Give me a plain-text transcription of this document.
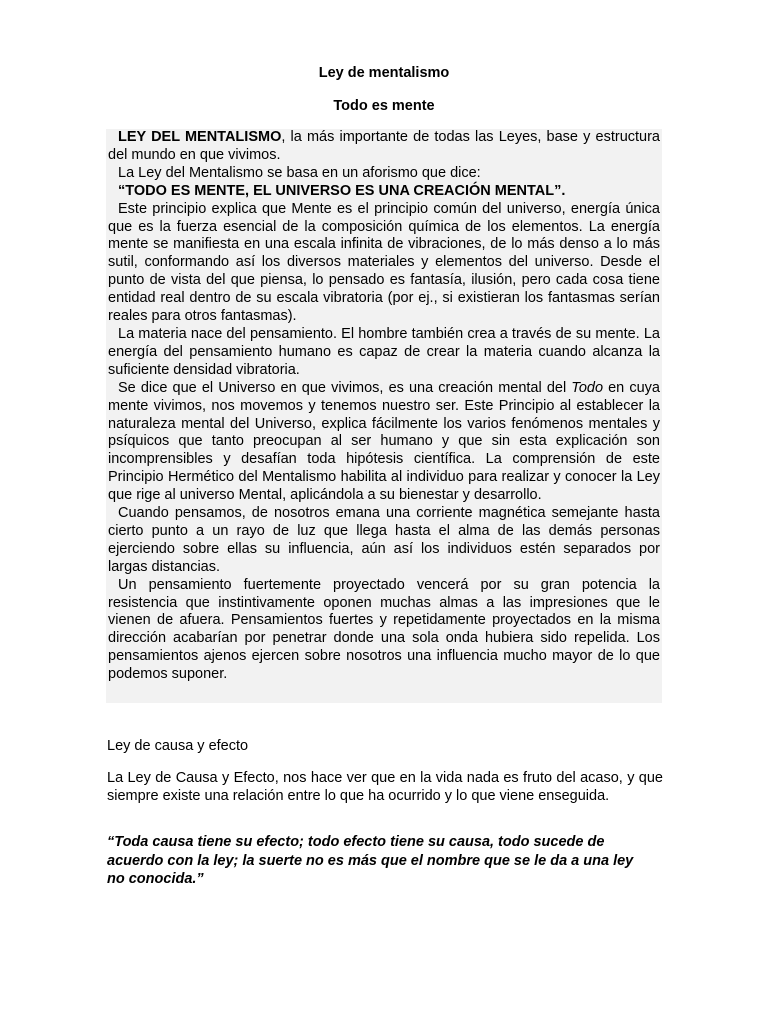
Ley de mentalismo
Todo es mente

LEY DEL MENTALISMO, la más importante de todas las Leyes, base y estructura del mundo en que vivimos.

La Ley del Mentalismo se basa en un aforismo que dice:

“TODO ES MENTE, EL UNIVERSO ES UNA CREACIÓN MENTAL”.

Este principio explica que Mente es el principio común del universo, energía única que es la fuerza esencial de la composición química de los elementos. La energía mente se manifiesta en una escala infinita de vibraciones, de lo más denso a lo más sutil, conformando así los diversos materiales y elementos del universo. Desde el punto de vista del que piensa, lo pensado es fantasía, ilusión, pero cada cosa tiene entidad real dentro de su escala vibratoria (por ej., si existieran los fantasmas serían reales para otros fantasmas).

La materia nace del pensamiento. El hombre también crea a través de su mente. La energía del pensamiento humano es capaz de crear la materia cuando alcanza la suficiente densidad vibratoria.

Se dice que el Universo en que vivimos, es una creación mental del Todo en cuya mente vivimos, nos movemos y tenemos nuestro ser. Este Principio al establecer la naturaleza mental del Universo, explica fácilmente los varios fenómenos mentales y psíquicos que tanto preocupan al ser humano y que sin esta explicación son incomprensibles y desafían toda hipótesis científica. La comprensión de este Principio Hermético del Mentalismo habilita al individuo para realizar y conocer la Ley que rige al universo Mental, aplicándola a su bienestar y desarrollo.

Cuando pensamos, de nosotros emana una corriente magnética semejante hasta cierto punto a un rayo de luz que llega hasta el alma de las demás personas ejerciendo sobre ellas su influencia, aún así los individuos estén separados por largas distancias.

Un pensamiento fuertemente proyectado vencerá por su gran potencia la resistencia que instintivamente oponen muchas almas a las impresiones que le vienen de afuera. Pensamientos fuertes y repetidamente proyectados en la misma dirección acabarían por penetrar donde una sola onda hubiera sido repelida. Los pensamientos ajenos ejercen sobre nosotros una influencia mucho mayor de lo que podemos suponer.

Ley de causa y efecto

La Ley de Causa y Efecto, nos hace ver que en la vida nada es fruto del acaso, y que siempre existe una relación entre lo que ha ocurrido y lo que viene enseguida.

“Toda causa tiene su efecto; todo efecto tiene su causa, todo sucede de acuerdo con la ley; la suerte no es más que el nombre que se le da a una ley no conocida.”
